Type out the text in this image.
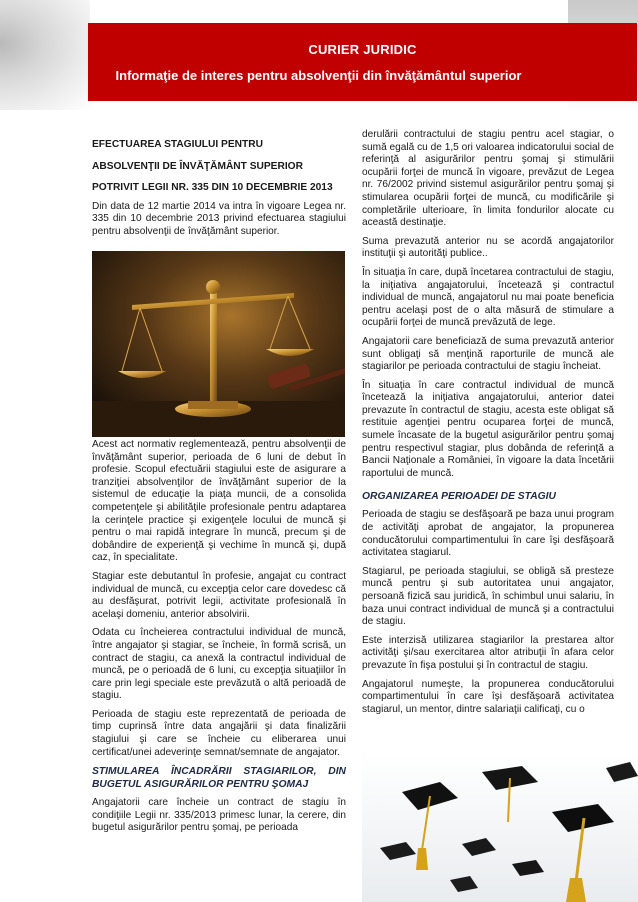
CURIER JURIDIC
Informaţie de interes pentru absolvenţii din învăţământul superior

EFECTUAREA STAGIULUI PENTRU

ABSOLVENŢII DE ÎNVĂŢĂMÂNT SUPERIOR

POTRIVIT LEGII NR. 335 DIN 10 DECEMBRIE 2013

Din data de 12 martie 2014 va intra în vigoare Legea nr. 335 din 10 decembrie 2013 privind efectuarea stagiului pentru absolvenţii de învăţământ superior.

Acest act normativ reglementează, pentru absolvenţii de învăţământ superior, perioada de 6 luni de debut în profesie. Scopul efectuării stagiului este de asigurare a tranziţiei absolvenţilor de învăţământ superior de la sistemul de educaţie la piaţa muncii, de a consolida competenţele şi abilităţile profesionale pentru adaptarea la cerinţele practice şi exigenţele locului de muncă şi pentru o mai rapidă integrare în muncă, precum şi de dobândire de experienţă şi vechime în muncă şi, după caz, în specialitate.

Stagiar este debutantul în profesie, angajat cu contract individual de muncă, cu excepţia celor care dovedesc că au desfăşurat, potrivit legii, activitate profesională în acelaşi domeniu, anterior absolvirii.

Odata cu încheierea contractului individual de muncă, între angajator şi stagiar, se încheie, în formă scrisă, un contract de stagiu, ca anexă la contractul individual de muncă, pe o perioadă de 6 luni, cu excepţia situaţiilor în care prin legi speciale este prevăzută o altă perioadă de stagiu.

Perioada de stagiu este reprezentată de perioada de timp cuprinsă între data angajării şi data finalizării stagiului şi care se încheie cu eliberarea unui certificat/unei adeverinţe semnat/semnate de angajator.

STIMULAREA ÎNCADRĂRII STAGIARILOR, DIN BUGETUL ASIGURĂRILOR PENTRU ŞOMAJ

Angajatorii care încheie un contract de stagiu în condiţiile Legii nr. 335/2013 primesc lunar, la cerere, din bugetul asigurărilor pentru şomaj, pe perioada

derulării contractului de stagiu pentru acel stagiar, o sumă egală cu de 1,5 ori valoarea indicatorului social de referinţă al asigurărilor pentru şomaj şi stimulării ocupării forţei de muncă în vigoare, prevăzut de Legea nr. 76/2002 privind sistemul asigurărilor pentru şomaj şi stimularea ocupării forţei de muncă, cu modificările şi completările ulterioare, în limita fondurilor alocate cu această destinaţie.

Suma prevazută anterior nu se acordă angajatorilor instituţii şi autorităţi publice..

În situaţia în care, după încetarea contractului de stagiu, la iniţiativa angajatorului, încetează şi contractul individual de muncă, angajatorul nu mai poate beneficia pentru acelaşi post de o alta măsură de stimulare a ocupării forţei de muncă prevăzută de lege.

Angajatorii care beneficiază de suma prevazută anterior sunt obligaţi să menţină raporturile de muncă ale stagiarilor pe perioada contractului de stagiu încheiat.

În situaţia în care contractul individual de muncă încetează la iniţiativa angajatorului, anterior datei prevazute în contractul de stagiu, acesta este obligat să restituie agenţiei pentru ocuparea forţei de muncă, sumele încasate de la bugetul asigurărilor pentru şomaj pentru respectivul stagiar, plus dobânda de referinţă a Bancii Naţionale a României, în vigoare la data încetării raportului de muncă.

ORGANIZAREA PERIOADEI DE STAGIU

Perioada de stagiu se desfăşoară pe baza unui program de activităţi aprobat de angajator, la propunerea conducătorului compartimentului în care îşi desfăşoară activitatea stagiarul.

Stagiarul, pe perioada stagiului, se obligă să presteze muncă pentru şi sub autoritatea unui angajator, persoană fizică sau juridică, în schimbul unui salariu, în baza unui contract individual de muncă şi a contractului de stagiu.

Este interzisă utilizarea stagiarilor la prestarea altor activităţi şi/sau exercitarea altor atribuţii în afara celor prevazute în fişa postului şi în contractul de stagiu.

Angajatorul numeşte, la propunerea conducătorului compartimentului în care îşi desfăşoară activitatea stagiarul, un mentor, dintre salariaţii calificaţi, cu o
